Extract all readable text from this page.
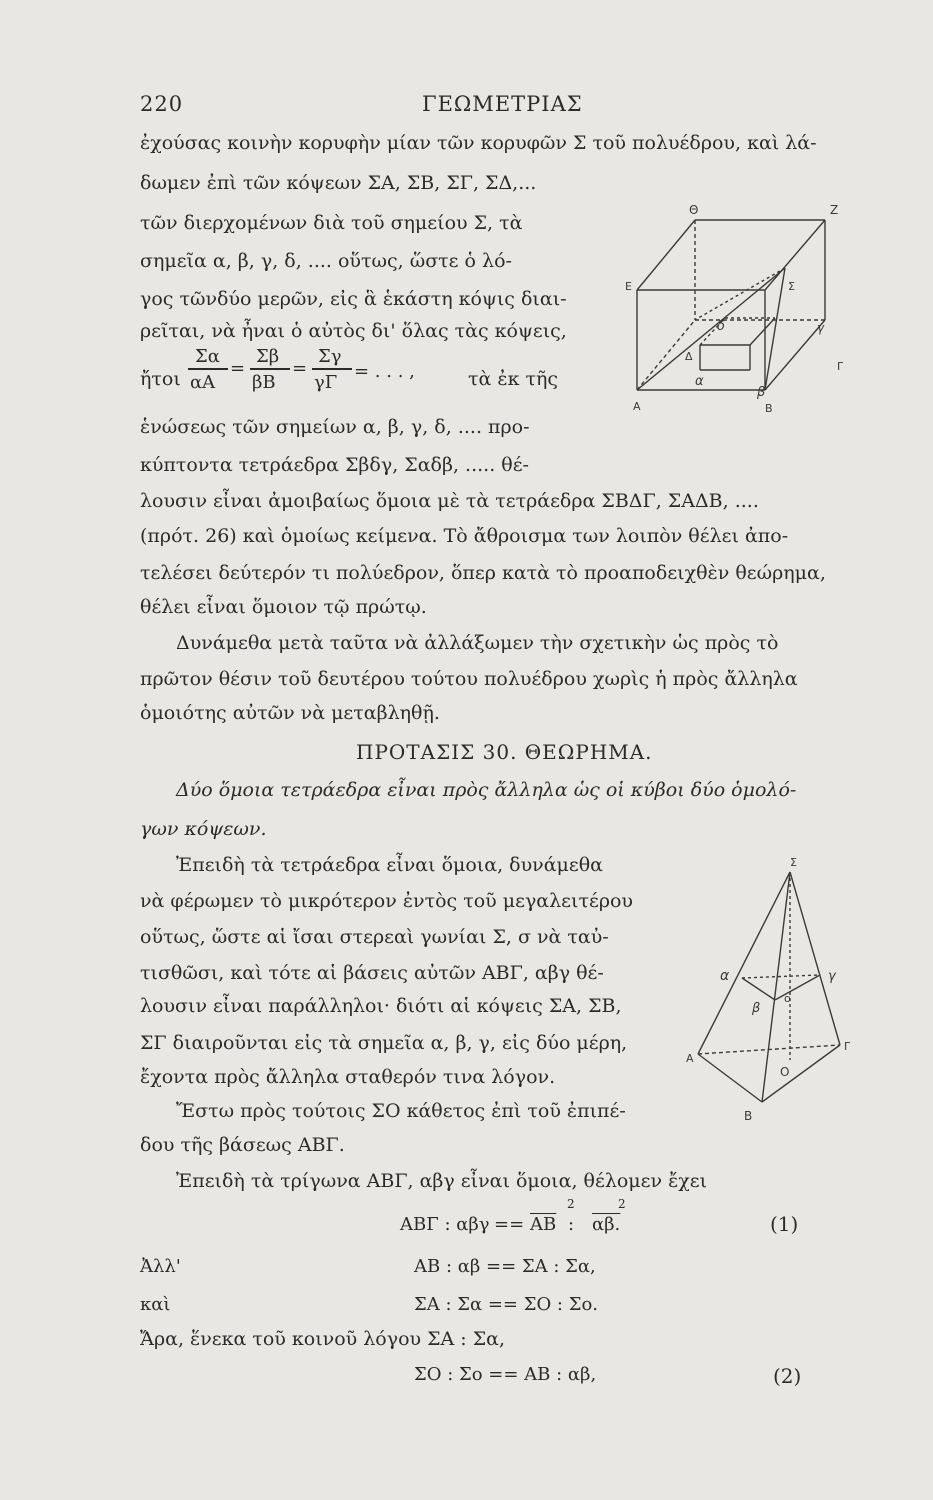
220	ΓΕΩΜΕΤΡΙΑΣ
ἐχούσας κοινὴν κορυφὴν μίαν τῶν κορυφῶν Σ τοῦ πολυέδρου, καὶ λά-
δωμεν ἐπὶ τῶν κόψεων ΣΑ, ΣΒ, ΣΓ, ΣΔ,...
τῶν διερχομένων διὰ τοῦ σημείου Σ, τὰ
σημεῖα α, β, γ, δ, .... οὕτως, ὥστε ὁ λό-
γος τῶνδύο μερῶν, εἰς ἃ ἑκάστη κόψις διαι-
ρεῖται, νὰ ἦναι ὁ αὐτὸς δι' ὅλας τὰς κόψεις,
ἤτοι
Σα
αΑ
=
Σβ
βΒ
=
Σγ
γΓ
= . . . ,	τὰ ἐκ τῆς
ἑνώσεως τῶν σημείων α, β, γ, δ, .... προ-
κύπτοντα τετράεδρα Σβδγ, Σαδβ, ..... θέ-
λουσιν εἶναι ἀμοιβαίως ὅμοια μὲ τὰ τετράεδρα ΣΒΔΓ, ΣΑΔΒ, ....
(πρότ. 26) καὶ ὁμοίως κείμενα. Τὸ ἄθροισμα των λοιπὸν θέλει ἀπο-
τελέσει δεύτερόν τι πολύεδρον, ὅπερ κατὰ τὸ προαποδειχθὲν θεώρημα,
θέλει εἶναι ὅμοιον τῷ πρώτῳ.
Δυνάμεθα μετὰ ταῦτα νὰ ἀλλάξωμεν τὴν σχετικὴν ὡς πρὸς τὸ
πρῶτον θέσιν τοῦ δευτέρου τούτου πολυέδρου χωρὶς ἡ πρὸς ἄλληλα
ὁμοιότης αὐτῶν νὰ μεταβληθῇ.
ΠΡΟΤΑΣΙΣ 30. ΘΕΩΡΗΜΑ.
Δύο ὅμοια τετράεδρα εἶναι πρὸς ἄλληλα ὡς οἱ κύβοι δύο ὁμολό-
γων κόψεων.
Ἐπειδὴ τὰ τετράεδρα εἶναι ὅμοια, δυνάμεθα
νὰ φέρωμεν τὸ μικρότερον ἐντὸς τοῦ μεγαλειτέρου
οὕτως, ὥστε αἱ ἴσαι στερεαὶ γωνίαι Σ, σ νὰ ταὐ-
τισθῶσι, καὶ τότε αἱ βάσεις αὐτῶν ΑΒΓ, αβγ θέ-
λουσιν εἶναι παράλληλοι· διότι αἱ κόψεις ΣΑ, ΣΒ,
ΣΓ διαιροῦνται εἰς τὰ σημεῖα α, β, γ, εἰς δύο μέρη,
ἔχοντα πρὸς ἄλληλα σταθερόν τινα λόγον.
Ἔστω πρὸς τούτοις ΣΟ κάθετος ἐπὶ τοῦ ἐπιπέ-
δου τῆς βάσεως ΑΒΓ.
Ἐπειδὴ τὰ τρίγωνα ΑΒΓ, αβγ εἶναι ὅμοια, θέλομεν ἔχει
ΑΒΓ : $\alpha\beta\gamma == \overline{AB}$ : αβ.
2	2
(1)
Ἀλλ'	ΑΒ : αβ == ΣΑ : Σα,
καὶ	ΣΑ : Σα == ΣΟ : Σο.
Ἄρα, ἕνεκα τοῦ κοινοῦ λόγου ΣΑ : Σα,
ΣΟ : Σο == ΑΒ : αβ,	(2)
Θ	Ζ
Ε	Σ
δ	γ
Δ
Γ
α
β
Α	Β
Σ
α	γ
β
ο
Ο
Α
Γ
Β
